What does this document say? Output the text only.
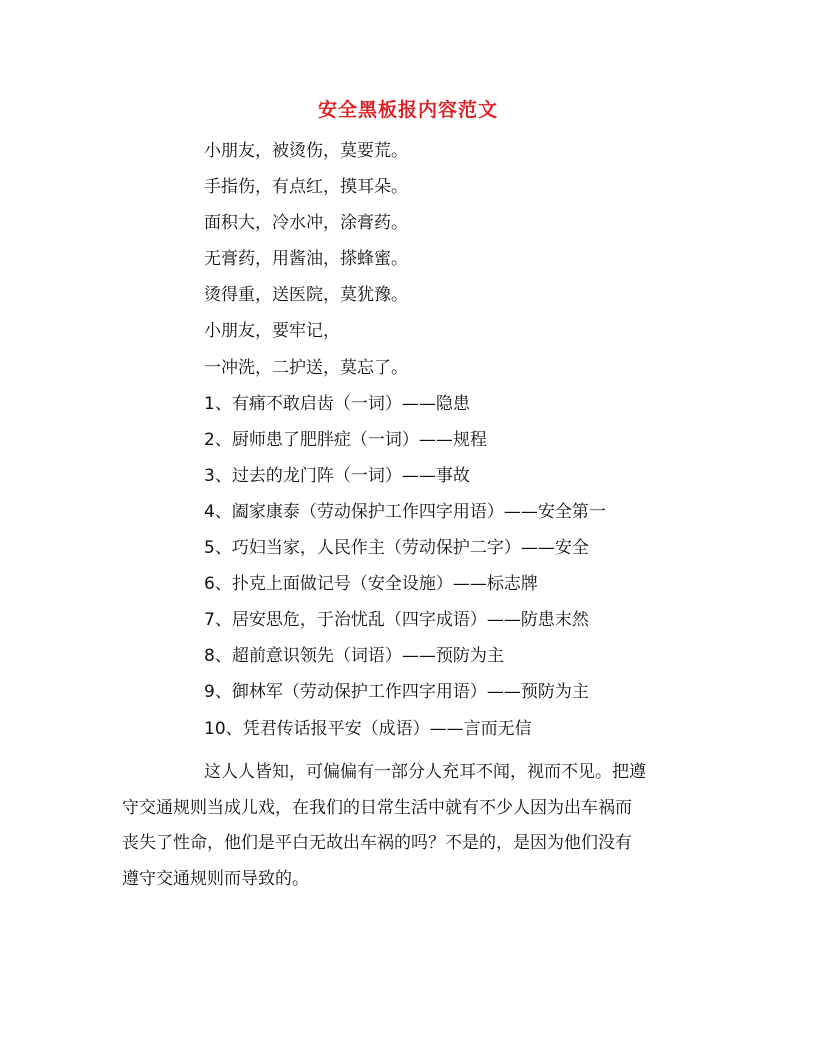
安全黑板报内容范文
小朋友，被烫伤，莫要荒。
手指伤，有点红，摸耳朵。
面积大，冷水冲，涂膏药。
无膏药，用酱油，搽蜂蜜。
烫得重，送医院，莫犹豫。
小朋友，要牢记，
一冲洗，二护送，莫忘了。
1、有痛不敢启齿（一词）——隐患
2、厨师患了肥胖症（一词）——规程
3、过去的龙门阵（一词）——事故
4、阖家康泰（劳动保护工作四字用语）——安全第一
5、巧妇当家，人民作主（劳动保护二字）——安全
6、扑克上面做记号（安全设施）——标志牌
7、居安思危，于治忧乱（四字成语）——防患末然
8、超前意识领先（词语）——预防为主
9、御林军（劳动保护工作四字用语）——预防为主
10、凭君传话报平安（成语）——言而无信

这人人皆知，可偏偏有一部分人充耳不闻，视而不见。把遵
守交通规则当成儿戏，在我们的日常生活中就有不少人因为出车祸而
丧失了性命，他们是平白无故出车祸的吗？不是的，是因为他们没有
遵守交通规则而导致的。
